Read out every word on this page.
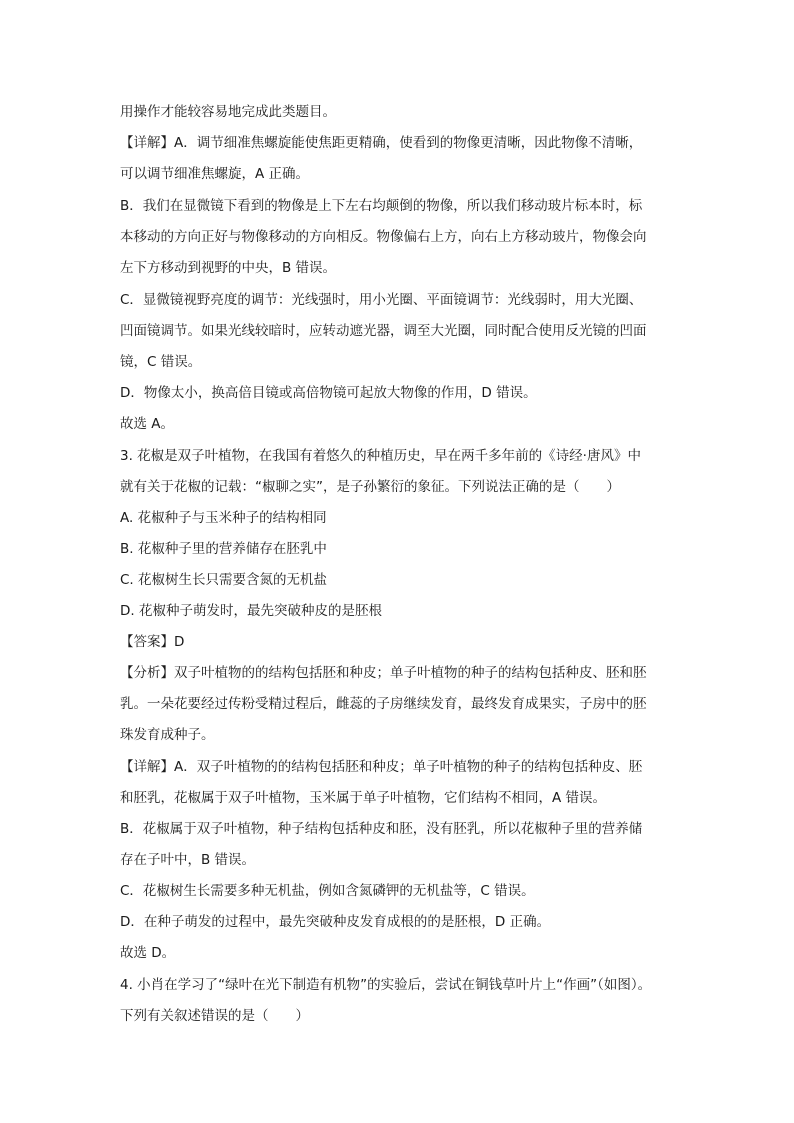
用操作才能较容易地完成此类题目。
【详解】A．调节细准焦螺旋能使焦距更精确，使看到的物像更清晰，因此物像不清晰，
可以调节细准焦螺旋，A 正确。
B．我们在显微镜下看到的物像是上下左右均颠倒的物像，所以我们移动玻片标本时，标
本移动的方向正好与物像移动的方向相反。物像偏右上方，向右上方移动玻片，物像会向
左下方移动到视野的中央，B 错误。
C．显微镜视野亮度的调节：光线强时，用小光圈、平面镜调节：光线弱时，用大光圈、
凹面镜调节。如果光线较暗时，应转动遮光器，调至大光圈，同时配合使用反光镜的凹面
镜，C 错误。
D．物像太小，换高倍目镜或高倍物镜可起放大物像的作用，D 错误。
故选 A。
3. 花椒是双子叶植物，在我国有着悠久的种植历史，早在两千多年前的《诗经·唐风》中
就有关于花椒的记载：“椒聊之实”，是子孙繁衍的象征。下列说法正确的是（　　）
A. 花椒种子与玉米种子的结构相同
B. 花椒种子里的营养储存在胚乳中
C. 花椒树生长只需要含氮的无机盐
D. 花椒种子萌发时，最先突破种皮的是胚根
【答案】D
【分析】双子叶植物的的结构包括胚和种皮；单子叶植物的种子的结构包括种皮、胚和胚
乳。一朵花要经过传粉受精过程后，雌蕊的子房继续发育，最终发育成果实，子房中的胚
珠发育成种子。
【详解】A．双子叶植物的的结构包括胚和种皮；单子叶植物的种子的结构包括种皮、胚
和胚乳，花椒属于双子叶植物，玉米属于单子叶植物，它们结构不相同，A 错误。
B．花椒属于双子叶植物，种子结构包括种皮和胚，没有胚乳，所以花椒种子里的营养储
存在子叶中，B 错误。
C．花椒树生长需要多种无机盐，例如含氮磷钾的无机盐等，C 错误。
D．在种子萌发的过程中，最先突破种皮发育成根的的是胚根，D 正确。
故选 D。
4. 小肖在学习了“绿叶在光下制造有机物”的实验后，尝试在铜钱草叶片上“作画”（如图）。
下列有关叙述错误的是（　　）
